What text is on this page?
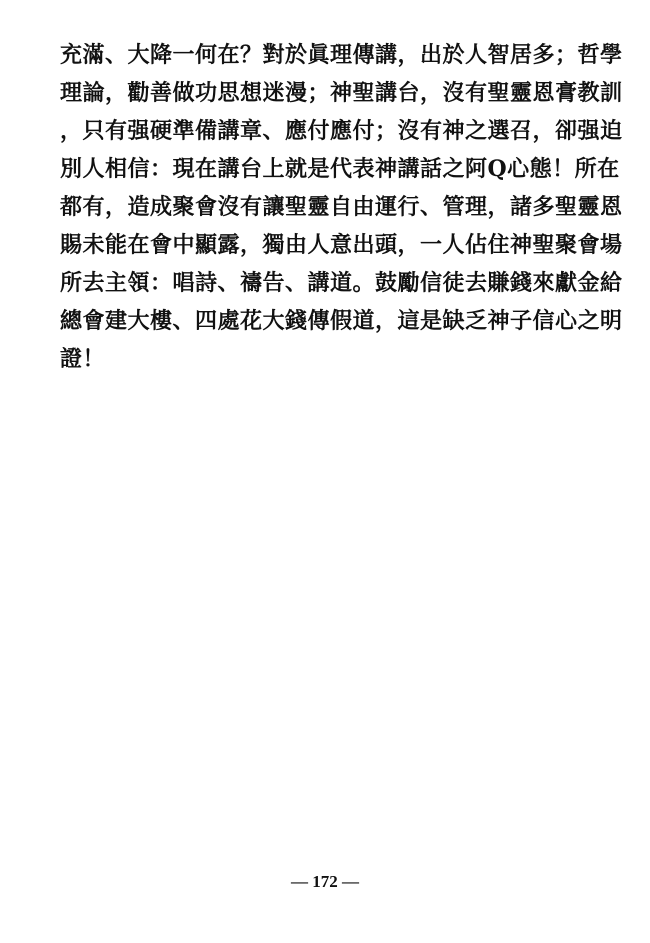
充滿、大降一何在？對於眞理傳講，出於人智居多；哲學
理論，勸善做功思想迷漫；神聖講台，沒有聖靈恩膏教訓
，只有强硬準備講章、應付應付；沒有神之選召，卻强迫
別人相信：現在講台上就是代表神講話之阿Q心態！所在
都有，造成聚會沒有讓聖靈自由運行、管理，諸多聖靈恩
賜未能在會中顯露，獨由人意出頭，一人佔住神聖聚會場
所去主領：唱詩、禱告、講道。鼓勵信徒去賺錢來獻金給
總會建大樓、四處花大錢傳假道，這是缺乏神子信心之明
證！
— 172 —
